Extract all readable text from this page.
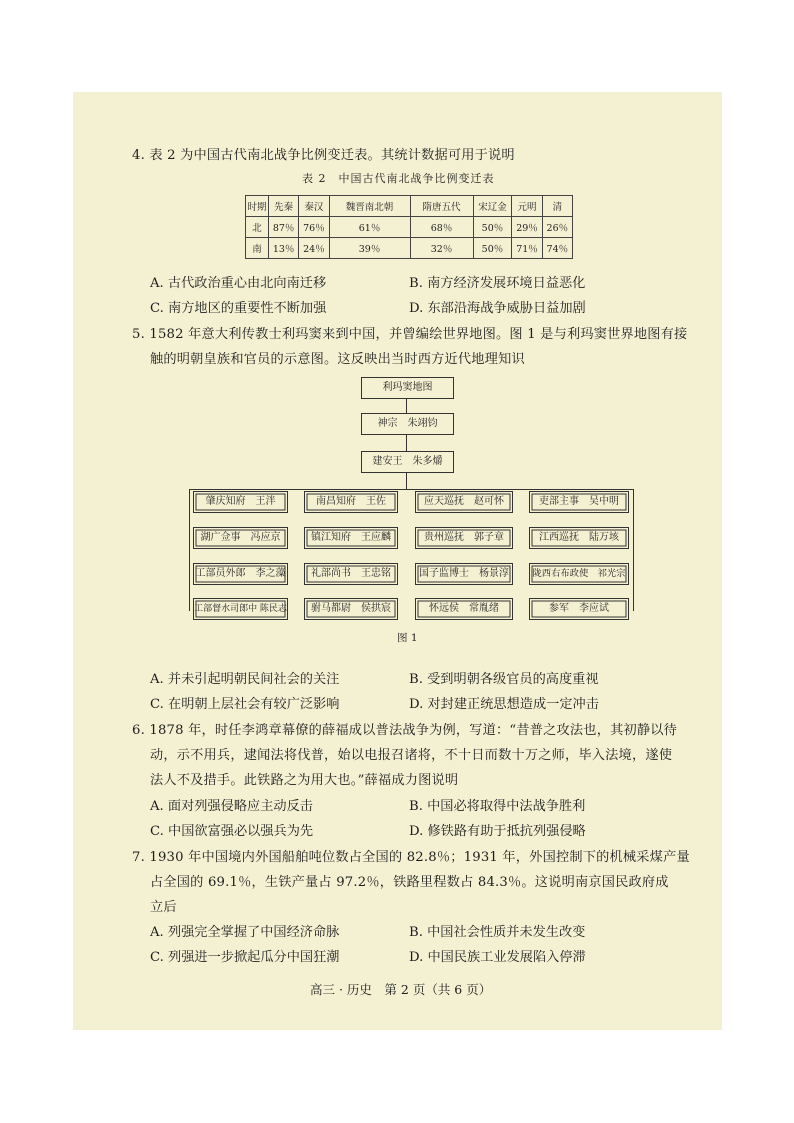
4. 表 2 为中国古代南北战争比例变迁表。其统计数据可用于说明
表 2　中国古代南北战争比例变迁表
时期	先秦	秦汉	魏晋南北朝	隋唐五代	宋辽金	元明	清
北	87％	76％	61％	68％	50％	29％	26％
南	13％	24％	39％	32％	50％	71％	74％
A. 古代政治重心由北向南迁移	B. 南方经济发展环境日益恶化
C. 南方地区的重要性不断加强	D. 东部沿海战争威胁日益加剧
5. 1582 年意大利传教士利玛窦来到中国，并曾编绘世界地图。图 1 是与利玛窦世界地图有接
触的明朝皇族和官员的示意图。这反映出当时西方近代地理知识
利玛窦地图
神宗　朱翊钧
建安王　朱多爝
肇庆知府　王泮	南昌知府　王佐	应天巡抚　赵可怀	吏部主事　吴中明
湖广佥事　冯应京	镇江知府　王应麟	贵州巡抚　郭子章	江西巡抚　陆万垓
工部员外郎　李之藻	礼部尚书　王忠铭	国子监博士　杨景淳	陇西右布政使　祁光宗
工部督水司郎中 陈民志	驸马都尉　侯拱宸	怀远侯　常胤绪	参军　李应试
图 1
A. 并未引起明朝民间社会的关注	B. 受到明朝各级官员的高度重视
C. 在明朝上层社会有较广泛影响	D. 对封建正统思想造成一定冲击
6. 1878 年，时任李鸿章幕僚的薛福成以普法战争为例，写道：“昔普之攻法也，其初静以待
动，示不用兵，逮闻法将伐普，始以电报召诸将，不十日而数十万之师，毕入法境，遂使
法人不及措手。此铁路之为用大也。”薛福成力图说明
A. 面对列强侵略应主动反击	B. 中国必将取得中法战争胜利
C. 中国欲富强必以强兵为先	D. 修铁路有助于抵抗列强侵略
7. 1930 年中国境内外国船舶吨位数占全国的 82.8％；1931 年，外国控制下的机械采煤产量
占全国的 69.1％，生铁产量占 97.2％，铁路里程数占 84.3％。这说明南京国民政府成
立后
A. 列强完全掌握了中国经济命脉	B. 中国社会性质并未发生改变
C. 列强进一步掀起瓜分中国狂潮	D. 中国民族工业发展陷入停滞
高三 · 历史　第 2 页（共 6 页）
